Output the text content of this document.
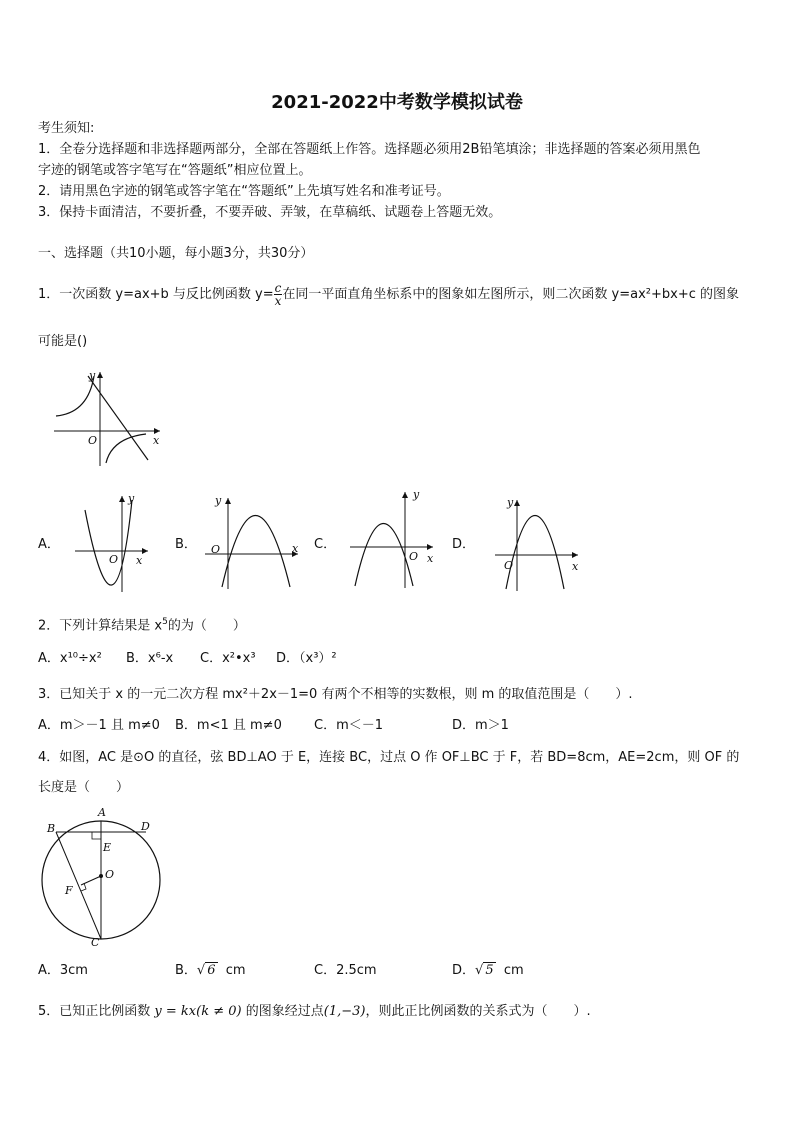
2021-2022中考数学模拟试卷
考生须知:
1．全卷分选择题和非选择题两部分，全部在答题纸上作答。选择题必须用2B铅笔填涂；非选择题的答案必须用黑色
字迹的钢笔或答字笔写在“答题纸”相应位置上。
2．请用黑色字迹的钢笔或答字笔在“答题纸”上先填写姓名和准考证号。
3．保持卡面清洁，不要折叠，不要弄破、弄皱，在草稿纸、试题卷上答题无效。
一、选择题（共10小题，每小题3分，共30分）
1．一次函数 y=ax+b 与反比例函数 $y= \frac{c}{x}$ 在同一平面直角坐标系中的图象如左图所示，则二次函数 y=ax²+bx+c 的图象
可能是()
y
x
O
A．
y
x
O
B．
y
x
O	C．
y
x
O
D．
y
x
O
2．下列计算结果是 $x^5$的为（　　）
A．x¹⁰÷x² B．x⁶-x C．x²•x³ D．（x³）²
3．已知关于 x 的一元二次方程 mx²＋2x－1=0 有两个不相等的实数根，则 m 的取值范围是（　　）.
A．m＞－1 且 m≠0 B．m<1 且 m≠0 C．m＜－1	D．m＞1
4．如图，AC 是⊙O 的直径，弦 BD⊥AO 于 E，连接 BC，过点 O 作 OF⊥BC 于 F，若 BD=8cm，AE=2cm，则 OF 的
长度是（　　）
A
B	D
E
O
F
C
A．3cm	B．√ 6 cm	C．2.5cm	D．√ 5 cm
5．已知正比例函数 y = kx(k ≠ 0) 的图象经过点(1,−3)，则此正比例函数的关系式为（　　）.
